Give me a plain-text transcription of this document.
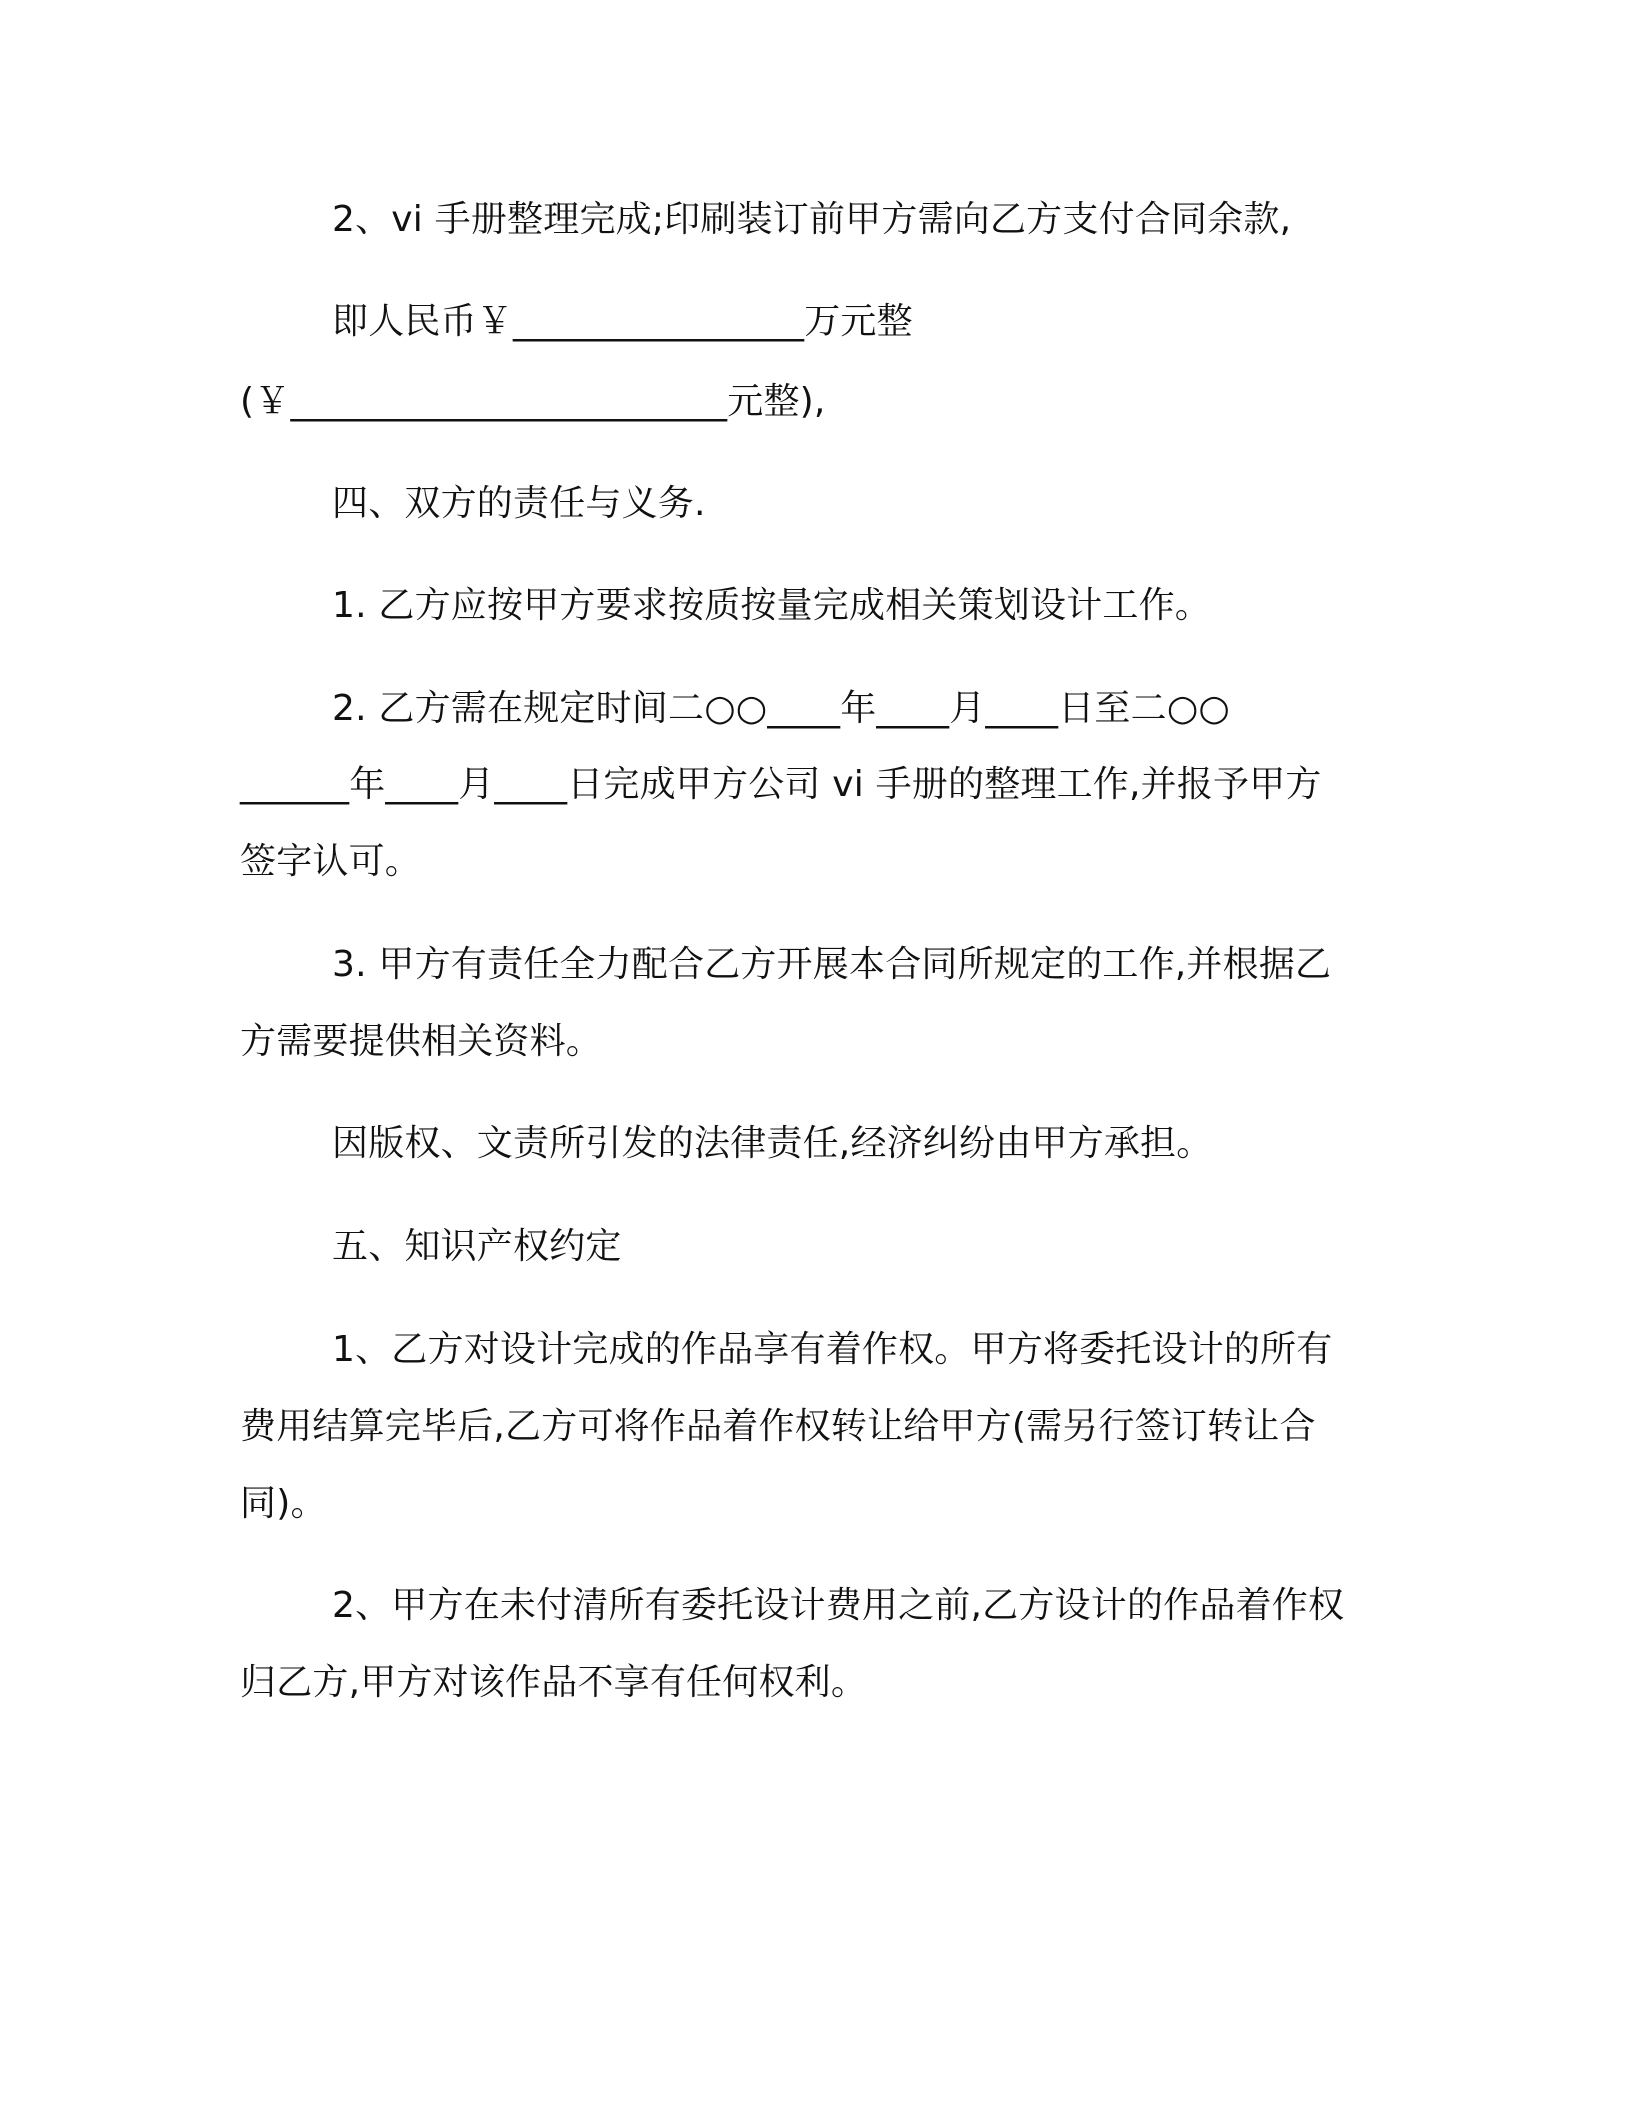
2、vi 手册整理完成;印刷装订前甲方需向乙方支付合同余款,
即人民币￥________________万元整
(￥________________________元整),
四、双方的责任与义务.
1. 乙方应按甲方要求按质按量完成相关策划设计工作。
2. 乙方需在规定时间二○○____年____月____日至二○○
______年____月____日完成甲方公司 vi 手册的整理工作,并报予甲方
签字认可。
3. 甲方有责任全力配合乙方开展本合同所规定的工作,并根据乙
方需要提供相关资料。
因版权、文责所引发的法律责任,经济纠纷由甲方承担。
五、知识产权约定
1、乙方对设计完成的作品享有着作权。甲方将委托设计的所有
费用结算完毕后,乙方可将作品着作权转让给甲方(需另行签订转让合
同)。
2、甲方在未付清所有委托设计费用之前,乙方设计的作品着作权
归乙方,甲方对该作品不享有任何权利。
